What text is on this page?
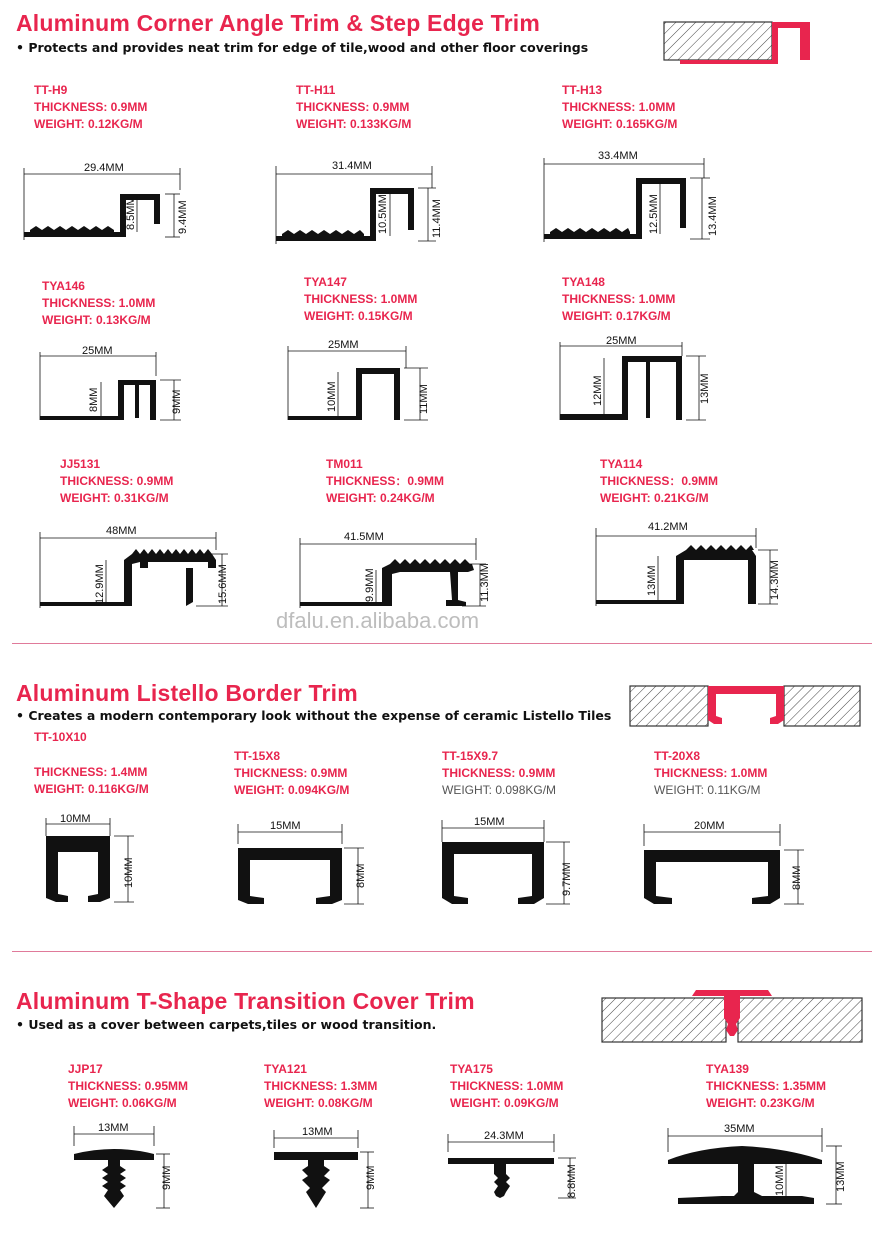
Aluminum Corner Angle Trim & Step Edge Trim
• Protects and provides neat trim for edge of tile,wood and other floor coverings
TT-H9
THICKNESS: 0.9MM
WEIGHT: 0.12KG/M
TT-H11
THICKNESS: 0.9MM
WEIGHT: 0.133KG/M
TT-H13
THICKNESS: 1.0MM
WEIGHT: 0.165KG/M
29.4MM
8.5MM	9.4MM
31.4MM
10.5MM	11.4MM
33.4MM
12.5MM	13.4MM
TYA146
THICKNESS: 1.0MM
WEIGHT: 0.13KG/M
TYA147
THICKNESS: 1.0MM
WEIGHT: 0.15KG/M
TYA148
THICKNESS: 1.0MM
WEIGHT: 0.17KG/M
25MM
8MM	9MM
25MM
10MM	11MM
25MM
12MM	13MM
JJ5131
THICKNESS: 0.9MM
WEIGHT: 0.31KG/M
TM011
THICKNESS：0.9MM
WEIGHT: 0.24KG/M
TYA114
THICKNESS：0.9MM
WEIGHT: 0.21KG/M
48MM
12.9MM	15.6MM
41.5MM
9.9MM	11.3MM
41.2MM
13MM	14.3MM
dfalu.en.alibaba.com
Aluminum Listello Border Trim
• Creates a modern contemporary look without the expense of ceramic Listello Tiles
TT-10X10
THICKNESS: 1.4MM
WEIGHT: 0.116KG/M
TT-15X8
THICKNESS: 0.9MM
WEIGHT: 0.094KG/M
TT-15X9.7
THICKNESS: 0.9MM
WEIGHT: 0.098KG/M
TT-20X8
THICKNESS: 1.0MM
WEIGHT: 0.11KG/M
10MM
10MM
15MM
8MM
15MM
9.7MM
20MM
8MM
Aluminum T-Shape Transition Cover Trim
• Used as a cover between carpets,tiles or wood transition.
JJP17
THICKNESS: 0.95MM
WEIGHT: 0.06KG/M
TYA121
THICKNESS: 1.3MM
WEIGHT: 0.08KG/M
TYA175
THICKNESS: 1.0MM
WEIGHT: 0.09KG/M
TYA139
THICKNESS: 1.35MM
WEIGHT: 0.23KG/M
13MM
9MM
13MM
9MM
24.3MM
8.8MM
35MM
10MM	13MM
